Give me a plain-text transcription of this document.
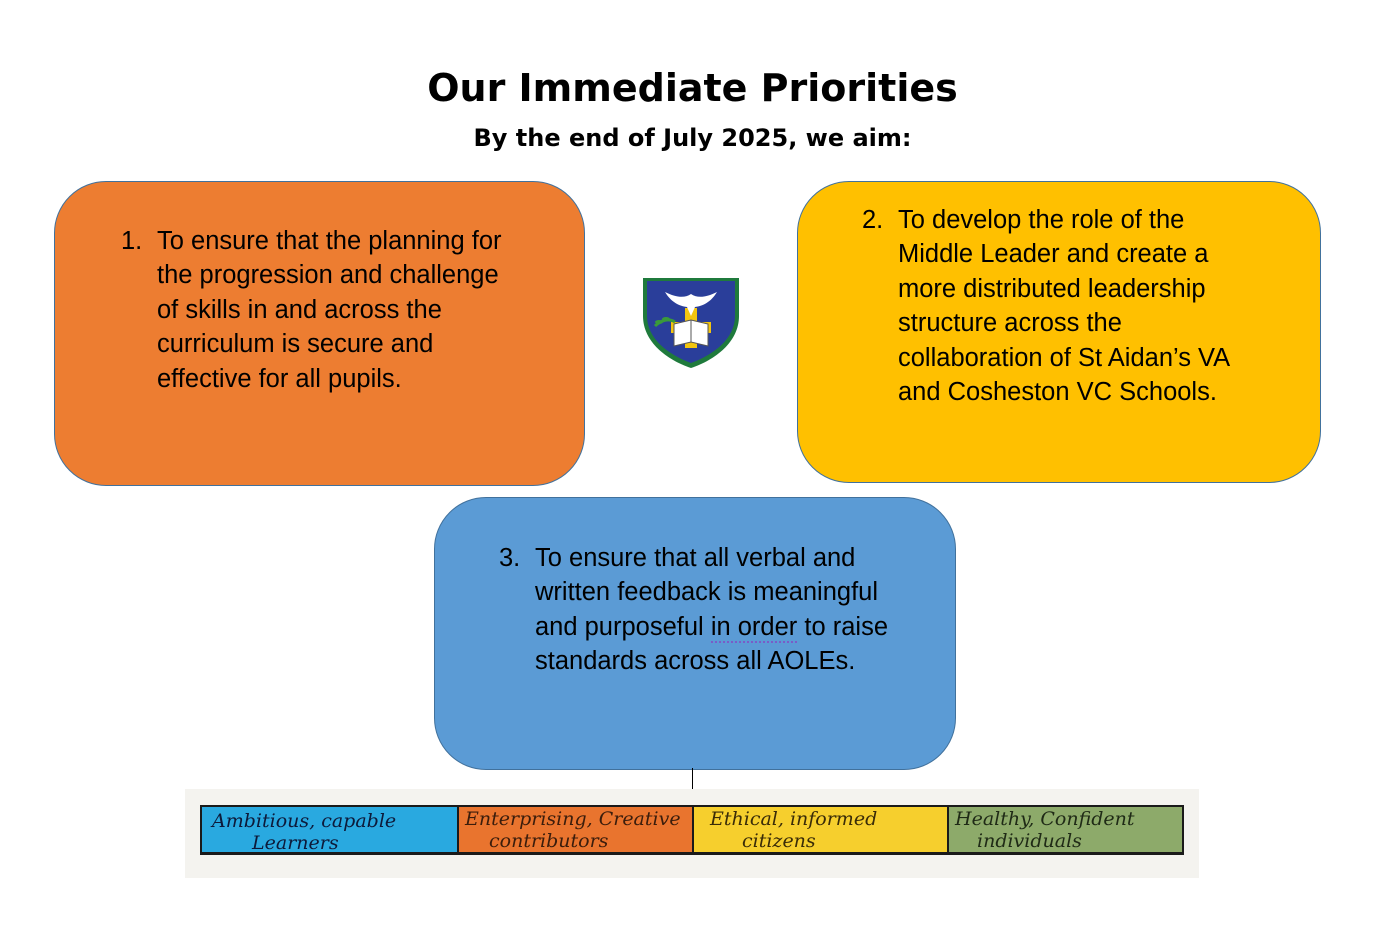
Our Immediate Priorities
By the end of July 2025, we aim:
1. To ensure that the planning for
the progression and challenge
of skills in and across the
curriculum is secure and
effective for all pupils.
2. To develop the role of the
Middle Leader and create a
more distributed leadership
structure across the
collaboration of St Aidan’s VA
and Cosheston VC Schools.
3. To ensure that all verbal and
written feedback is meaningful
and purposeful in order to raise
standards across all AOLEs.
Ambitious, capable
Learners
Enterprising, Creative
contributors
Ethical, informed
citizens
Healthy, Confident
individuals
